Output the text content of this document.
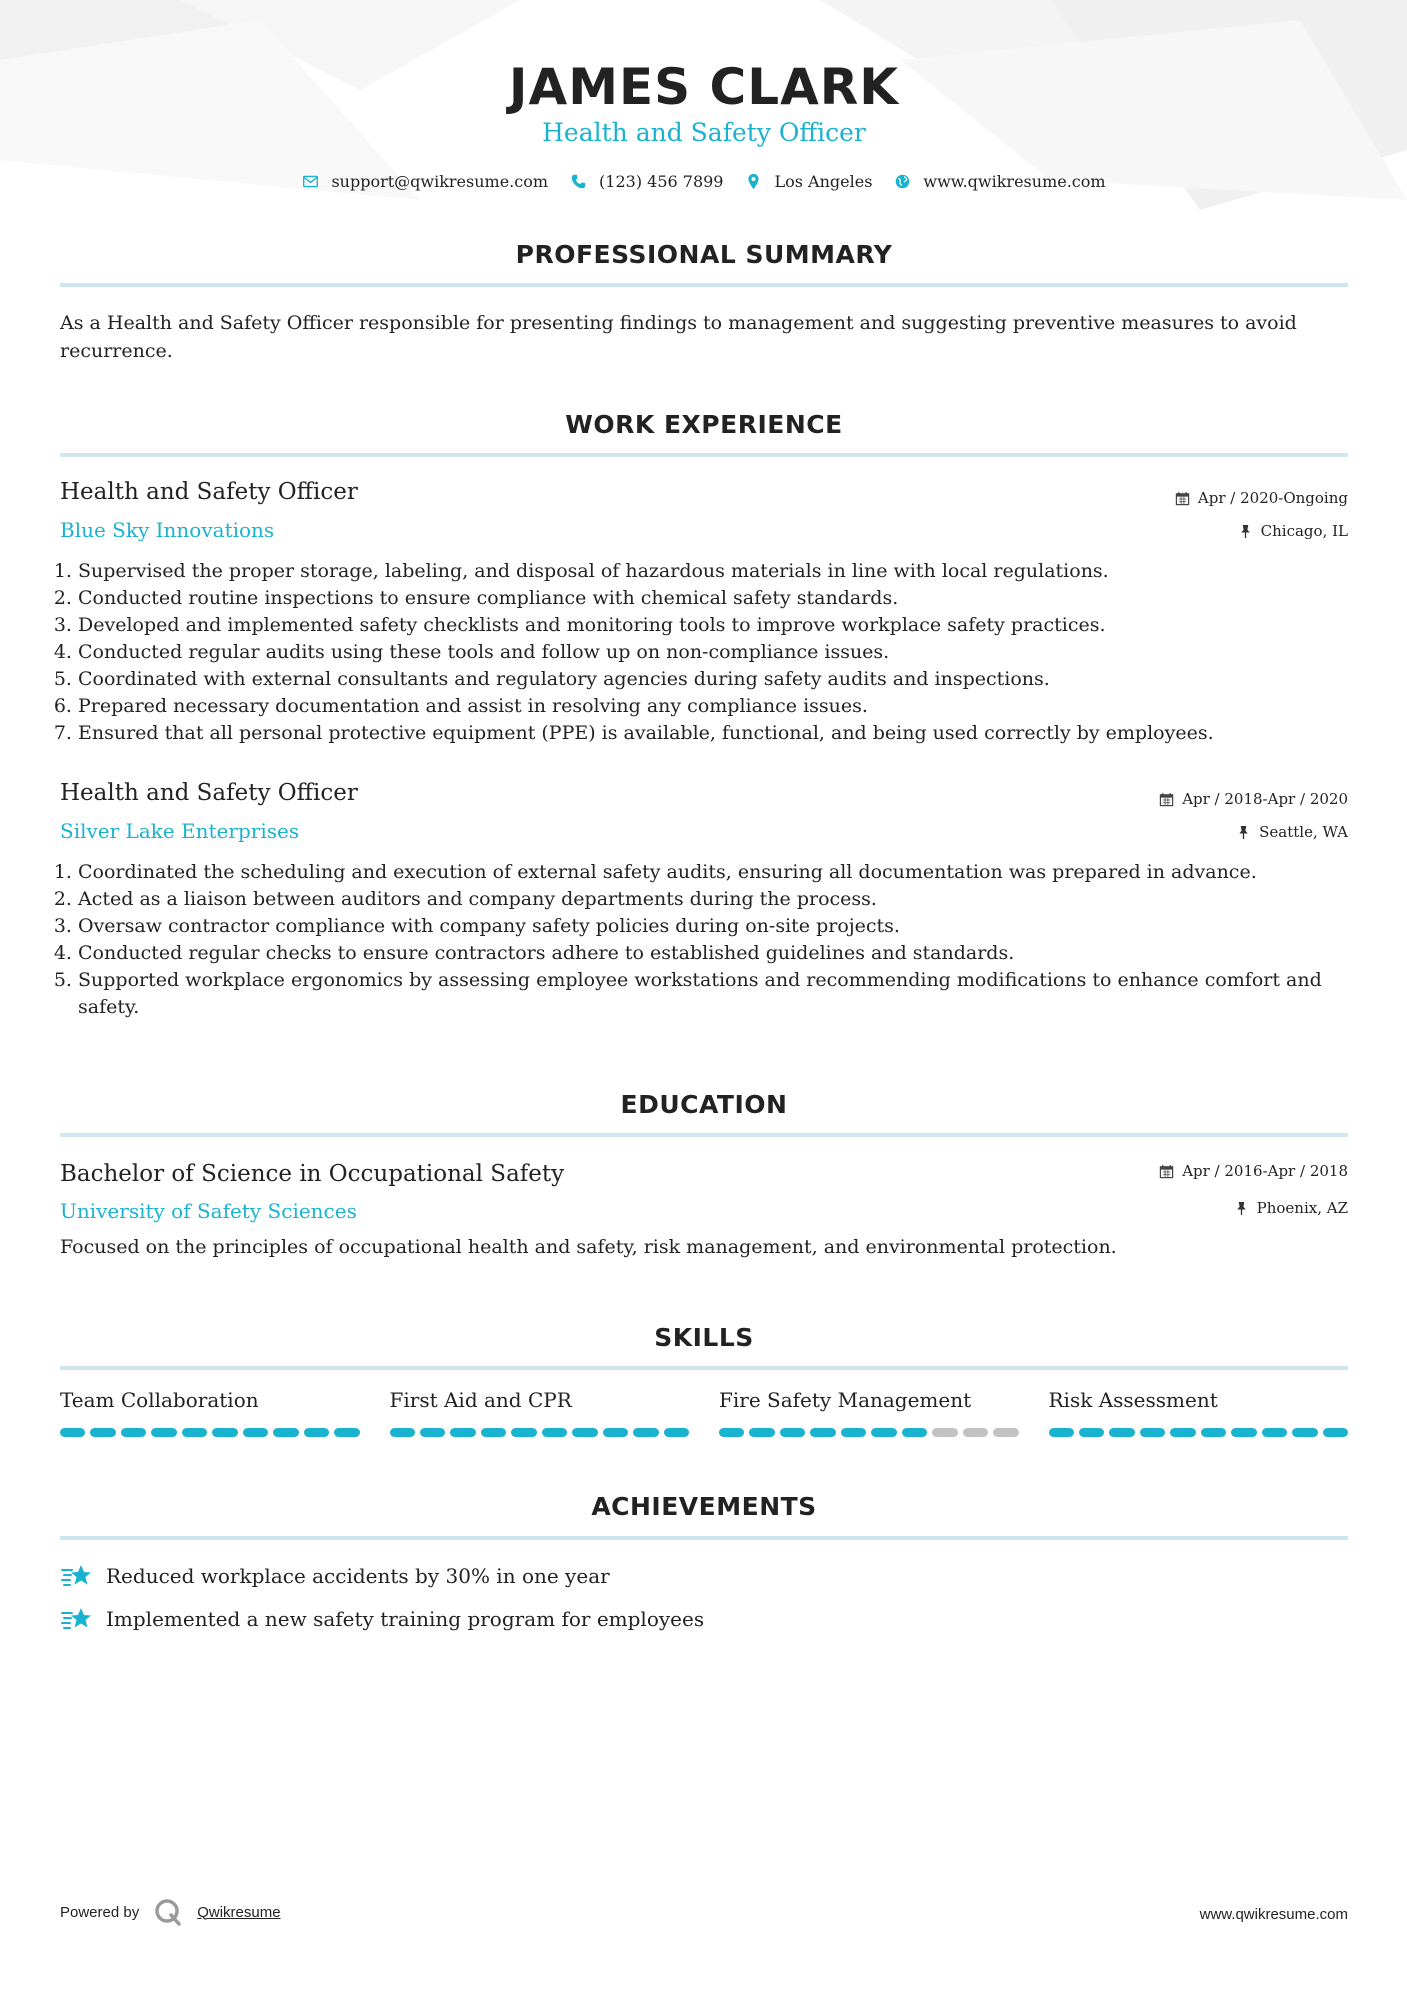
JAMES CLARK
Health and Safety Officer
support@qwikresume.com	(123) 456 7899	Los Angeles	www.qwikresume.com
PROFESSIONAL SUMMARY
As a Health and Safety Officer responsible for presenting findings to management and suggesting preventive measures to avoid recurrence.
WORK EXPERIENCE
Health and Safety Officer	Apr / 2020-Ongoing
Blue Sky Innovations	Chicago, IL
1. Supervised the proper storage, labeling, and disposal of hazardous materials in line with local regulations.
2. Conducted routine inspections to ensure compliance with chemical safety standards.
3. Developed and implemented safety checklists and monitoring tools to improve workplace safety practices.
4. Conducted regular audits using these tools and follow up on non-compliance issues.
5. Coordinated with external consultants and regulatory agencies during safety audits and inspections.
6. Prepared necessary documentation and assist in resolving any compliance issues.
7. Ensured that all personal protective equipment (PPE) is available, functional, and being used correctly by employees.
Health and Safety Officer	Apr / 2018-Apr / 2020
Silver Lake Enterprises	Seattle, WA
1. Coordinated the scheduling and execution of external safety audits, ensuring all documentation was prepared in advance.
2. Acted as a liaison between auditors and company departments during the process.
3. Oversaw contractor compliance with company safety policies during on-site projects.
4. Conducted regular checks to ensure contractors adhere to established guidelines and standards.
5. Supported workplace ergonomics by assessing employee workstations and recommending modifications to enhance comfort and safety.
EDUCATION
Bachelor of Science in Occupational Safety	Apr / 2016-Apr / 2018
University of Safety Sciences	Phoenix, AZ
Focused on the principles of occupational health and safety, risk management, and environmental protection.
SKILLS
Team Collaboration	First Aid and CPR	Fire Safety Management	Risk Assessment
ACHIEVEMENTS
Reduced workplace accidents by 30% in one year
Implemented a new safety training program for employees
Powered by	Qwikresume	www.qwikresume.com
